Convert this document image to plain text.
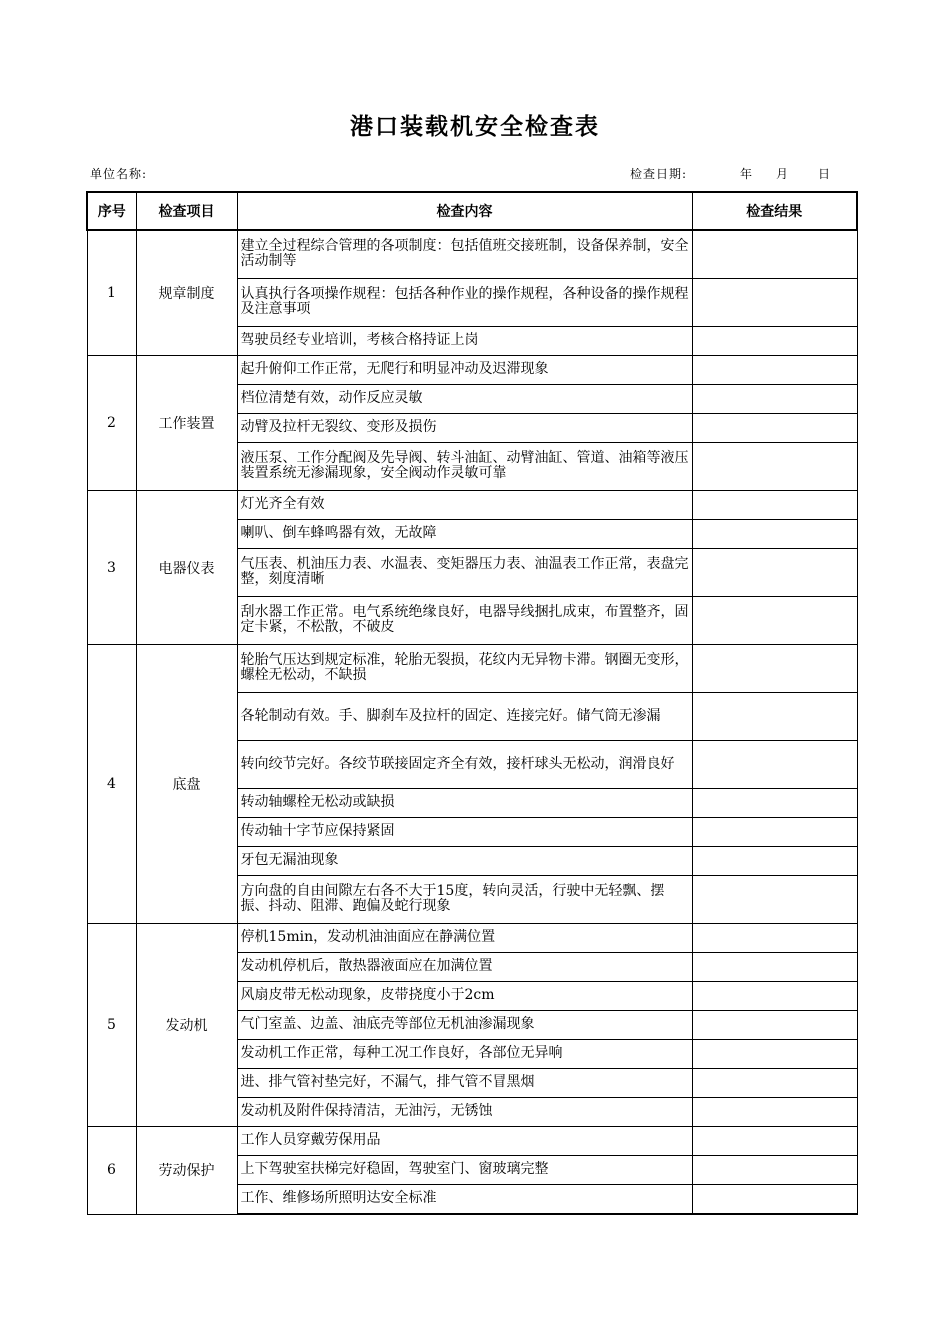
港口装载机安全检查表
单位名称:	检查日期:	年 月 日
序号	检查项目	检查内容	检查结果
1	规章制度	建立全过程综合管理的各项制度：包括值班交接班制，设备保养制，安全活动制等	
		认真执行各项操作规程：包括各种作业的操作规程，各种设备的操作规程及注意事项	
		驾驶员经专业培训，考核合格持证上岗	
2	工作装置	起升俯仰工作正常，无爬行和明显冲动及迟滞现象	
		档位清楚有效，动作反应灵敏	
		动臂及拉杆无裂纹、变形及损伤	
		液压泵、工作分配阀及先导阀、转斗油缸、动臂油缸、管道、油箱等液压装置系统无渗漏现象，安全阀动作灵敏可靠	
3	电器仪表	灯光齐全有效	
		喇叭、倒车蜂鸣器有效，无故障	
		气压表、机油压力表、水温表、变矩器压力表、油温表工作正常，表盘完整，刻度清晰	
		刮水器工作正常。电气系统绝缘良好，电器导线捆扎成束，布置整齐，固定卡紧，不松散，不破皮	
4	底盘	轮胎气压达到规定标准，轮胎无裂损，花纹内无异物卡滞。钢圈无变形，螺栓无松动，不缺损	
		各轮制动有效。手、脚刹车及拉杆的固定、连接完好。储气筒无渗漏	
		转向绞节完好。各绞节联接固定齐全有效，接杆球头无松动，润滑良好	
		转动轴螺栓无松动或缺损	
		传动轴十字节应保持紧固	
		牙包无漏油现象	
		方向盘的自由间隙左右各不大于15度，转向灵活，行驶中无轻飘、摆振、抖动、阻滞、跑偏及蛇行现象	
5	发动机	停机15min，发动机油油面应在静满位置	
		发动机停机后，散热器液面应在加满位置	
		风扇皮带无松动现象，皮带挠度小于2cm	
		气门室盖、边盖、油底壳等部位无机油渗漏现象	
		发动机工作正常，每种工况工作良好，各部位无异响	
		进、排气管衬垫完好，不漏气，排气管不冒黑烟	
		发动机及附件保持清洁，无油污，无锈蚀	
6	劳动保护	工作人员穿戴劳保用品	
		上下驾驶室扶梯完好稳固，驾驶室门、窗玻璃完整	
		工作、维修场所照明达安全标准	
